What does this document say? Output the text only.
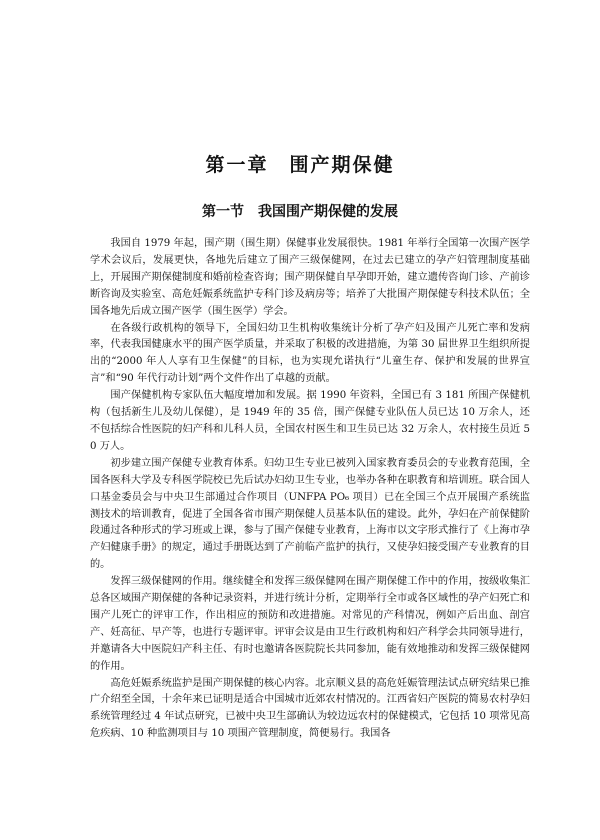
第一章　围产期保健
第一节　我国围产期保健的发展

我国自 1979 年起，围产期（围生期）保健事业发展很快。1981 年举行全国第一次围产医学学术会议后，发展更快，各地先后建立了围产三级保健网，在过去已建立的孕产妇管理制度基础上，开展围产期保健制度和婚前检查咨询；围产期保健自早孕即开始，建立遗传咨询门诊、产前诊断咨询及实验室、高危妊娠系统监护专科门诊及病房等；培养了大批围产期保健专科技术队伍；全国各地先后成立围产医学（围生医学）学会。

在各级行政机构的领导下，全国妇幼卫生机构收集统计分析了孕产妇及围产儿死亡率和发病率，代表我国健康水平的围产医学质量，并采取了积极的改进措施，为第 30 届世界卫生组织所提出的“2000 年人人享有卫生保健”的目标，也为实现允诺执行“儿童生存、保护和发展的世界宣言”和“90 年代行动计划”两个文件作出了卓越的贡献。

围产保健机构专家队伍大幅度增加和发展。据 1990 年资料，全国已有 3 181 所围产保健机构（包括新生儿及幼儿保健），是 1949 年的 35 倍，围产保健专业队伍人员已达 10 万余人，还不包括综合性医院的妇产科和儿科人员，全国农村医生和卫生员已达 32 万余人，农村接生员近 50 万人。

初步建立围产保健专业教育体系。妇幼卫生专业已被列入国家教育委员会的专业教育范围，全国各医科大学及专科医学院校已先后试办妇幼卫生专业，也举办各种在职教育和培训班。联合国人口基金委员会与中央卫生部通过合作项目（UNFPA PO₆ 项目）已在全国三个点开展围产系统监测技术的培训教育，促进了全国各省市围产期保健人员基本队伍的建设。此外，孕妇在产前保健阶段通过各种形式的学习班或上课，参与了围产保健专业教育，上海市以文字形式推行了《上海市孕产妇健康手册》的规定，通过手册既达到了产前临产监护的执行，又使孕妇接受围产专业教育的目的。

发挥三级保健网的作用。继续健全和发挥三级保健网在围产期保健工作中的作用，按级收集汇总各区域围产期保健的各种记录资料，并进行统计分析，定期举行全市或各区域性的孕产妇死亡和围产儿死亡的评审工作，作出相应的预防和改进措施。对常见的产科情况，例如产后出血、剖宫产、妊高征、早产等，也进行专题评审。评审会议是由卫生行政机构和妇产科学会共同领导进行，并邀请各大中医院妇产科主任、有时也邀请各医院院长共同参加，能有效地推动和发挥三级保健网的作用。

高危妊娠系统监护是围产期保健的核心内容。北京顺义县的高危妊娠管理法试点研究结果已推广介绍至全国，十余年来已证明是适合中国城市近郊农村情况的。江西省妇产医院的简易农村孕妇系统管理经过 4 年试点研究，已被中央卫生部确认为较边远农村的保健模式，它包括 10 项常见高危疾病、10 种监测项目与 10 项围产管理制度，简便易行。我国各
